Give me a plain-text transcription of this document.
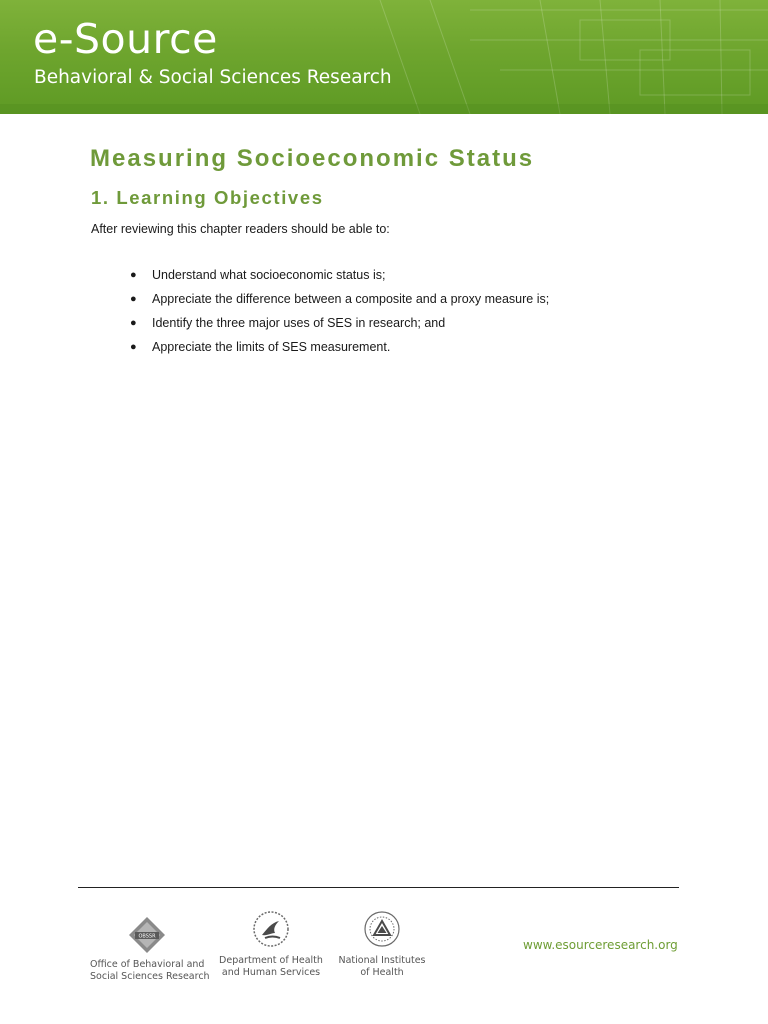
e-Source
Behavioral & Social Sciences Research
Measuring Socioeconomic Status
1. Learning Objectives

After reviewing this chapter readers should be able to:

● Understand what socioeconomic status is;
● Appreciate the difference between a composite and a proxy measure is;
● Identify the three major uses of SES in research; and
● Appreciate the limits of SES measurement.
OBSSR
Office of Behavioral and
Social Sciences Research
Department of Health
and Human Services
National Institutes
of Health
www.esourceresearch.org
